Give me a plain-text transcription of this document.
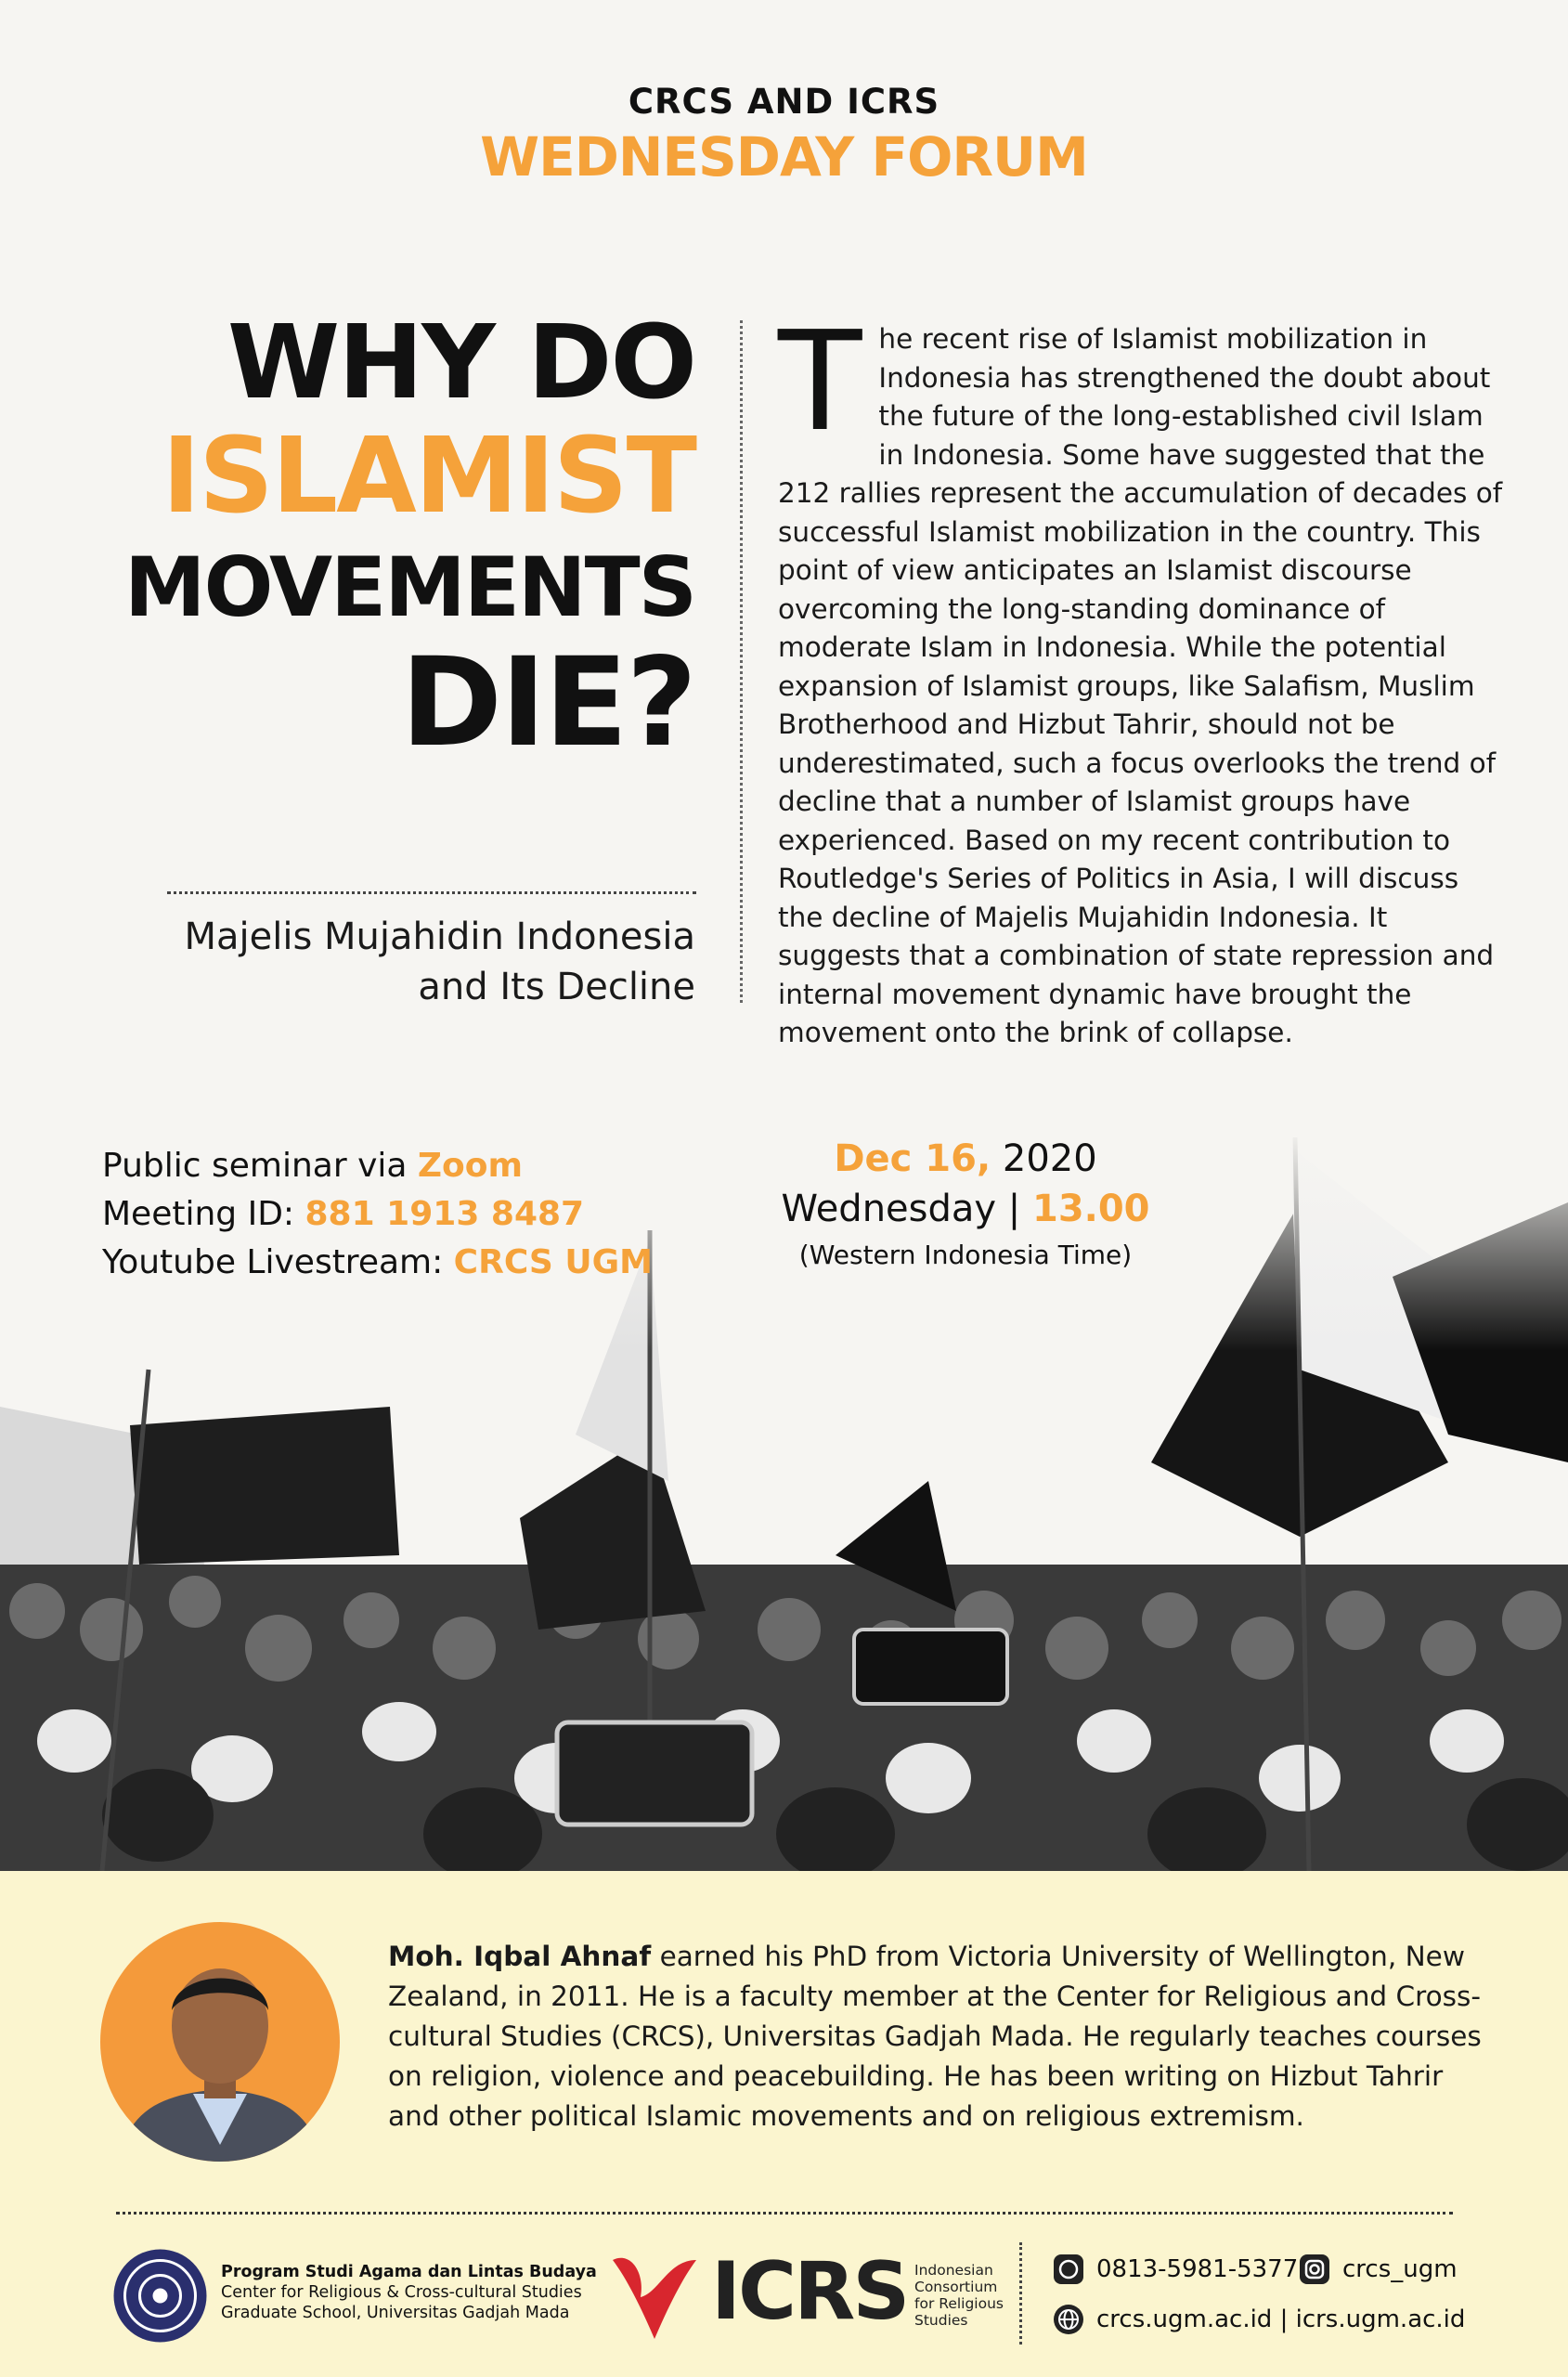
CRCS AND ICRS
WEDNESDAY FORUM
WHY DO
ISLAMIST
MOVEMENTS
DIE?
Majelis Mujahidin Indonesia
and Its Decline
The recent rise of Islamist mobilization in Indonesia has strengthened the doubt about the future of the long-established civil Islam in Indonesia. Some have suggested that the 212 rallies represent the accumulation of decades of successful Islamist mobilization in the country. This point of view anticipates an Islamist discourse overcoming the long-standing dominance of moderate Islam in Indonesia. While the potential expansion of Islamist groups, like Salafism, Muslim Brotherhood and Hizbut Tahrir, should not be underestimated, such a focus overlooks the trend of decline that a number of Islamist groups have experienced. Based on my recent contribution to Routledge's Series of Politics in Asia, I will discuss the decline of Majelis Mujahidin Indonesia. It suggests that a combination of state repression and internal movement dynamic have brought the movement onto the brink of collapse.
Public seminar via Zoom
Meeting ID: 881 1913 8487
Youtube Livestream: CRCS UGM
Dec 16, 2020
Wednesday | 13.00
(Western Indonesia Time)
Moh. Iqbal Ahnaf earned his PhD from Victoria University of Wellington, New Zealand, in 2011. He is a faculty member at the Center for Religious and Cross-cultural Studies (CRCS), Universitas Gadjah Mada. He regularly teaches courses on religion, violence and peacebuilding. He has been writing on Hizbut Tahrir and other political Islamic movements and on religious extremism.
Program Studi Agama dan Lintas Budaya
Center for Religious & Cross-cultural Studies
Graduate School, Universitas Gadjah Mada	ICRS Indonesian
Consortium
for Religious
Studies
0813-5981-5377 crcs_ugm
crcs.ugm.ac.id | icrs.ugm.ac.id
